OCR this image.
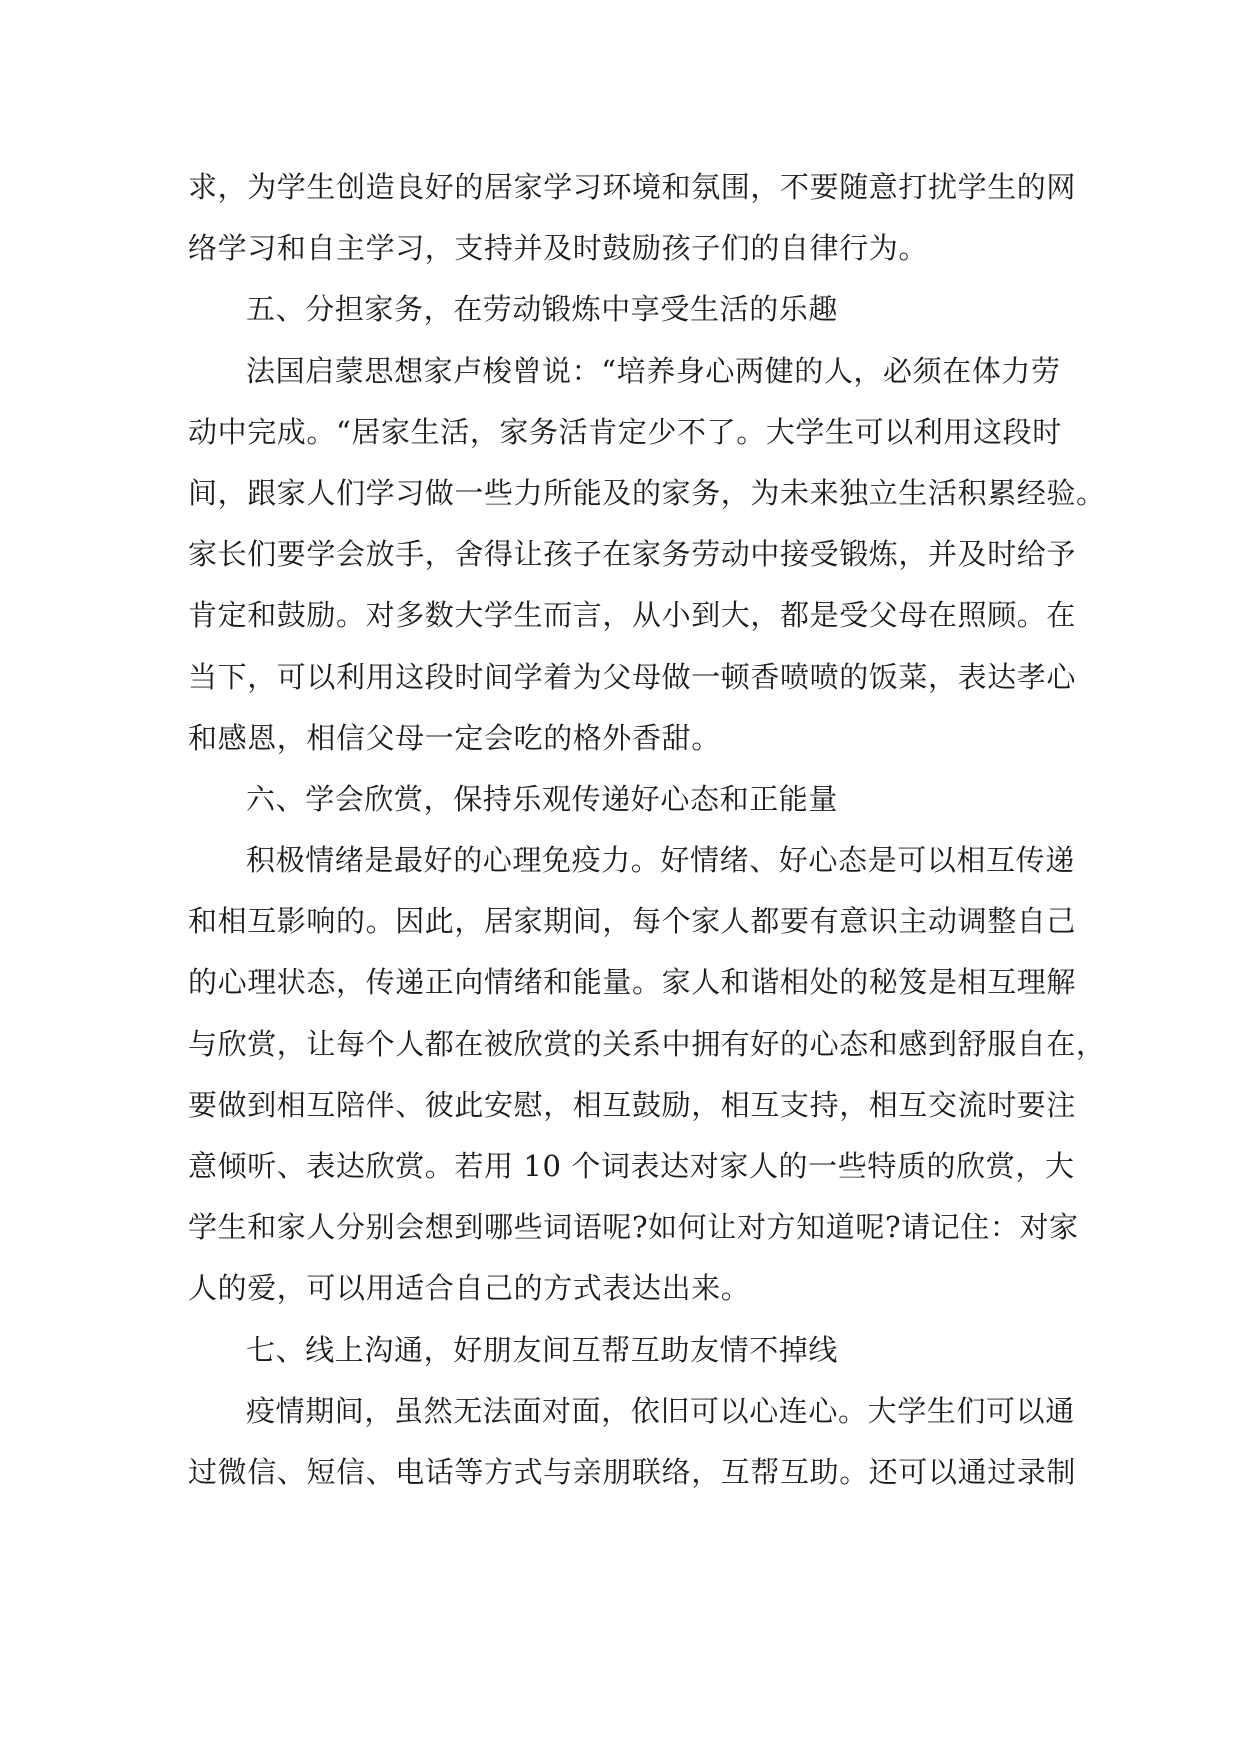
求，为学生创造良好的居家学习环境和氛围，不要随意打扰学生的网
络学习和自主学习，支持并及时鼓励孩子们的自律行为。
五、分担家务，在劳动锻炼中享受生活的乐趣
法国启蒙思想家卢梭曾说：“培养身心两健的人，必须在体力劳
动中完成。“居家生活，家务活肯定少不了。大学生可以利用这段时
间，跟家人们学习做一些力所能及的家务，为未来独立生活积累经验。
家长们要学会放手，舍得让孩子在家务劳动中接受锻炼，并及时给予
肯定和鼓励。对多数大学生而言，从小到大，都是受父母在照顾。在
当下，可以利用这段时间学着为父母做一顿香喷喷的饭菜，表达孝心
和感恩，相信父母一定会吃的格外香甜。
六、学会欣赏，保持乐观传递好心态和正能量
积极情绪是最好的心理免疫力。好情绪、好心态是可以相互传递
和相互影响的。因此，居家期间，每个家人都要有意识主动调整自己
的心理状态，传递正向情绪和能量。家人和谐相处的秘笈是相互理解
与欣赏，让每个人都在被欣赏的关系中拥有好的心态和感到舒服自在，
要做到相互陪伴、彼此安慰，相互鼓励，相互支持，相互交流时要注
意倾听、表达欣赏。若用 10 个词表达对家人的一些特质的欣赏，大
学生和家人分别会想到哪些词语呢?如何让对方知道呢?请记住：对家
人的爱，可以用适合自己的方式表达出来。
七、线上沟通，好朋友间互帮互助友情不掉线
疫情期间，虽然无法面对面，依旧可以心连心。大学生们可以通
过微信、短信、电话等方式与亲朋联络，互帮互助。还可以通过录制
